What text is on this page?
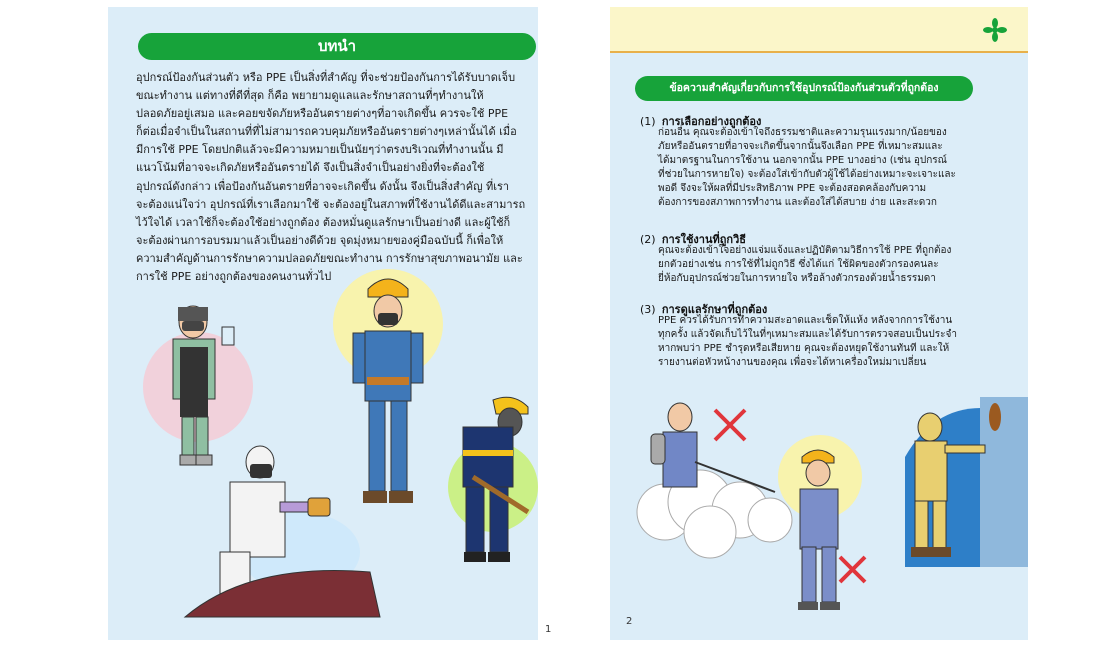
บทนำ
อุปกรณ์ป้องกันส่วนตัว หรือ PPE เป็นสิ่งที่สำคัญ ที่จะช่วยป้องกันการได้รับบาดเจ็บ
ขณะทำงาน แต่ทางที่ดีที่สุด ก็คือ พยายามดูแลและรักษาสถานที่ๆทำงานให้
ปลอดภัยอยู่เสมอ และคอยขจัดภัยหรืออันตรายต่างๆที่อาจเกิดขึ้น ควรจะใช้ PPE
ก็ต่อเมื่อจำเป็นในสถานที่ที่ไม่สามารถควบคุมภัยหรืออันตรายต่างๆเหล่านั้นได้ เมื่อ
มีการใช้ PPE โดยปกติแล้วจะมีความหมายเป็นนัยๆว่าตรงบริเวณที่ทำงานนั้น มี
แนวโน้มที่อาจจะเกิดภัยหรืออันตรายได้ จึงเป็นสิ่งจำเป็นอย่างยิ่งที่จะต้องใช้
อุปกรณ์ดังกล่าว เพื่อป้องกันอันตรายที่อาจจะเกิดขึ้น ดังนั้น จึงเป็นสิ่งสำคัญ ที่เรา
จะต้องแน่ใจว่า อุปกรณ์ที่เราเลือกมาใช้ จะต้องอยู่ในสภาพที่ใช้งานได้ดีและสามารถ
ไว้ใจได้ เวลาใช้ก็จะต้องใช้อย่างถูกต้อง ต้องหมั่นดูแลรักษาเป็นอย่างดี และผู้ใช้ก็
จะต้องผ่านการอบรมมาแล้วเป็นอย่างดีด้วย จุดมุ่งหมายของคู่มือฉบับนี้ ก็เพื่อให้
ความสำคัญด้านการรักษาความปลอดภัยขณะทำงาน การรักษาสุขภาพอนามัย และ
การใช้ PPE อย่างถูกต้องของคนงานทั่วไป
1
ข้อความสำคัญเกี่ยวกับการใช้อุปกรณ์ป้องกันส่วนตัวที่ถูกต้อง
(1) การเลือกอย่างถูกต้อง
ก่อนอื่น คุณจะต้องเข้าใจถึงธรรมชาติและความรุนแรงมาก/น้อยของ
ภัยหรืออันตรายที่อาจจะเกิดขึ้นจากนั้นจึงเลือก PPE ที่เหมาะสมและ
ได้มาตรฐานในการใช้งาน นอกจากนั้น PPE บางอย่าง (เช่น อุปกรณ์
ที่ช่วยในการหายใจ) จะต้องใส่เข้ากับตัวผู้ใช้ได้อย่างเหมาะจะเจาะและ
พอดี จึงจะให้ผลที่มีประสิทธิภาพ PPE จะต้องสอดคล้องกับความ
ต้องการของสภาพการทำงาน และต้องใส่ได้สบาย ง่าย และสะดวก
(2) การใช้งานที่ถูกวิธี
คุณจะต้องเข้าใจอย่างแจ่มแจ้งและปฏิบัติตามวิธีการใช้ PPE ที่ถูกต้อง
ยกตัวอย่างเช่น การใช้ที่ไม่ถูกวิธี ซึ่งได้แก่ ใช้ผิดของตัวกรองคนละ
ยี่ห้อกับอุปกรณ์ช่วยในการหายใจ หรือล้างตัวกรองด้วยน้ำธรรมดา
(3) การดูแลรักษาที่ถูกต้อง
PPE ควรได้รับการทำความสะอาดและเช็ดให้แห้ง หลังจากการใช้งาน
ทุกครั้ง แล้วจัดเก็บไว้ในที่ๆเหมาะสมและได้รับการตรวจสอบเป็นประจำ
หากพบว่า PPE ชำรุดหรือเสียหาย คุณจะต้องหยุดใช้งานทันที และให้
รายงานต่อหัวหน้างานของคุณ เพื่อจะได้หาเครื่องใหม่มาเปลี่ยน
2
